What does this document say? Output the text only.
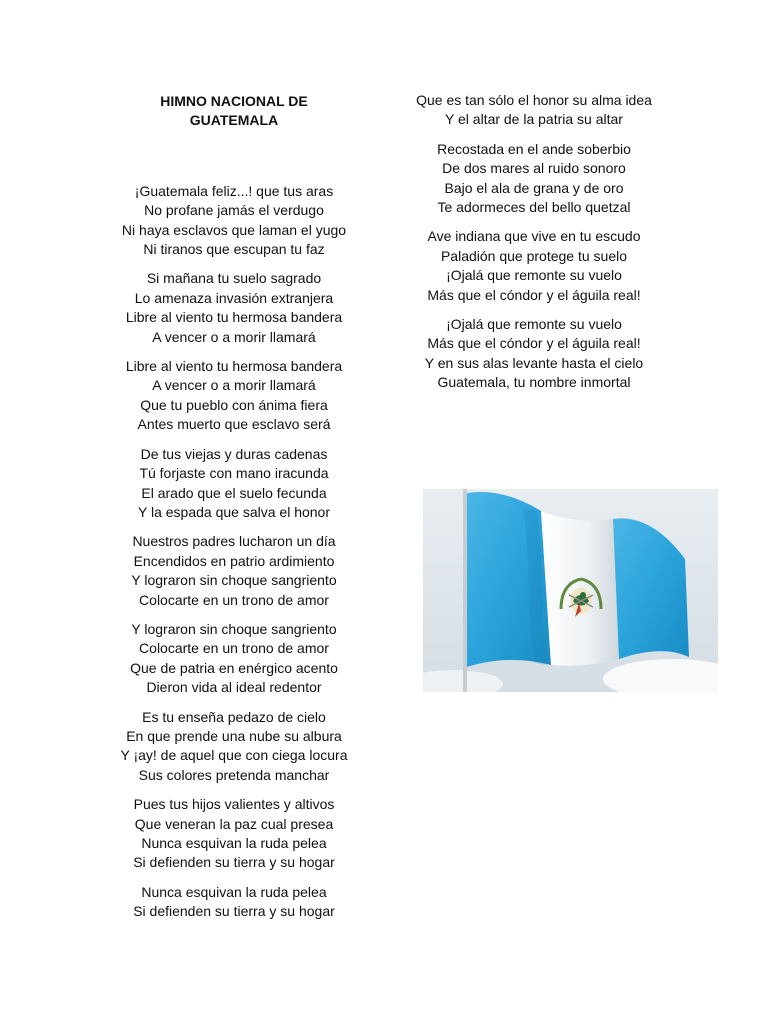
HIMNO NACIONAL DE
GUATEMALA
¡Guatemala feliz...! que tus aras
No profane jamás el verdugo
Ni haya esclavos que laman el yugo
Ni tiranos que escupan tu faz
Si mañana tu suelo sagrado
Lo amenaza invasión extranjera
Libre al viento tu hermosa bandera
A vencer o a morir llamará
Libre al viento tu hermosa bandera
A vencer o a morir llamará
Que tu pueblo con ánima fiera
Antes muerto que esclavo será
De tus viejas y duras cadenas
Tú forjaste con mano iracunda
El arado que el suelo fecunda
Y la espada que salva el honor
Nuestros padres lucharon un día
Encendidos en patrio ardimiento
Y lograron sin choque sangriento
Colocarte en un trono de amor
Y lograron sin choque sangriento
Colocarte en un trono de amor
Que de patria en enérgico acento
Dieron vida al ideal redentor
Es tu enseña pedazo de cielo
En que prende una nube su albura
Y ¡ay! de aquel que con ciega locura
Sus colores pretenda manchar
Pues tus hijos valientes y altivos
Que veneran la paz cual presea
Nunca esquivan la ruda pelea
Si defienden su tierra y su hogar
Nunca esquivan la ruda pelea
Si defienden su tierra y su hogar
Que es tan sólo el honor su alma idea
Y el altar de la patria su altar
Recostada en el ande soberbio
De dos mares al ruido sonoro
Bajo el ala de grana y de oro
Te adormeces del bello quetzal
Ave indiana que vive en tu escudo
Paladión que protege tu suelo
¡Ojalá que remonte su vuelo
Más que el cóndor y el águila real!
¡Ojalá que remonte su vuelo
Más que el cóndor y el águila real!
Y en sus alas levante hasta el cielo
Guatemala, tu nombre inmortal
